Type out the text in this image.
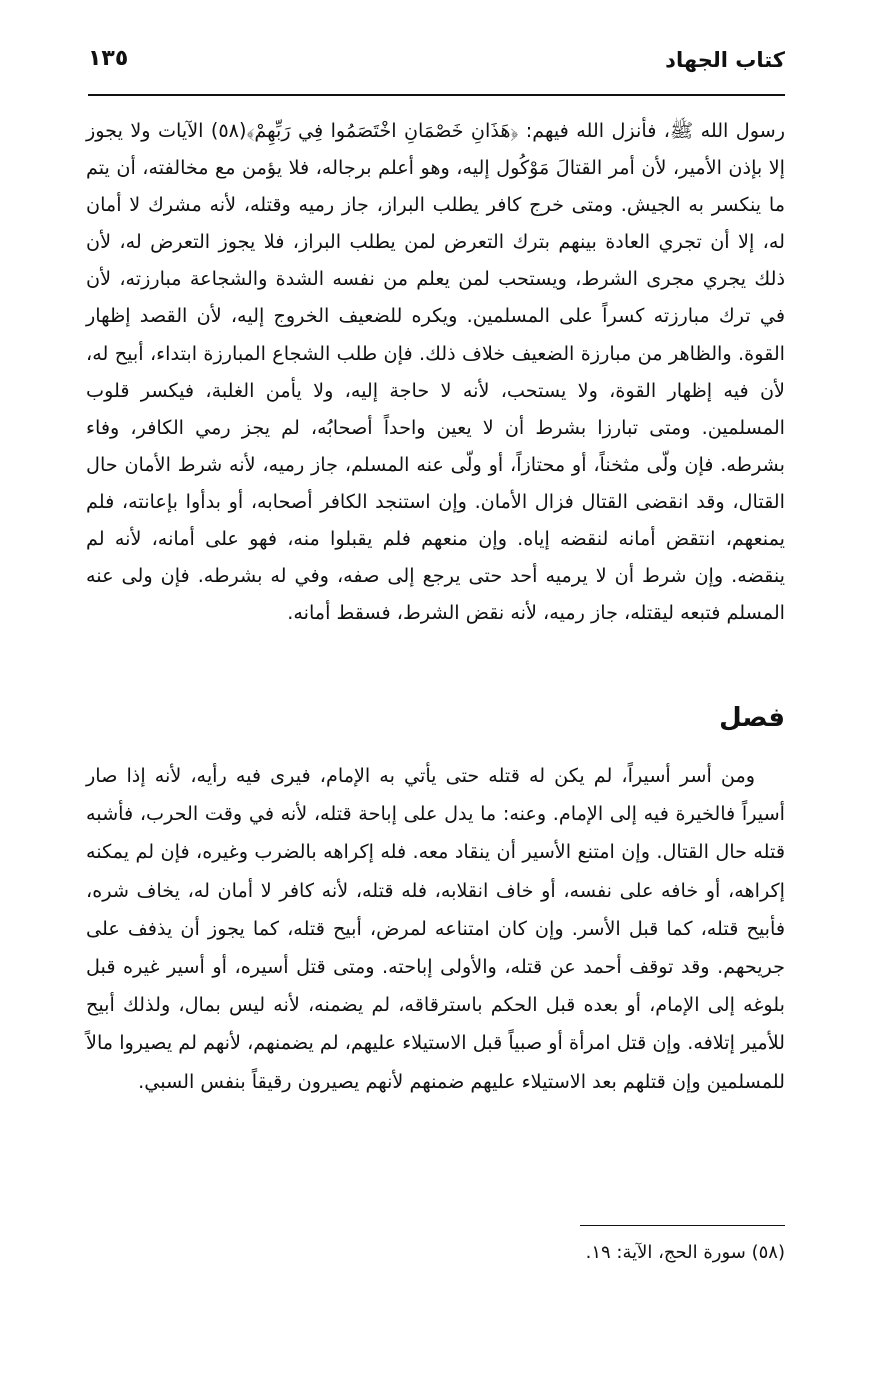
كتاب الجهاد
١٣٥

رسول الله ﷺ، فأنزل الله فيهم: ﴿هَذَانِ خَصْمَانِ اخْتَصَمُوا فِي رَبِّهِمْ﴾(٥٨) الآيات ولا يجوز إلا بإذن الأمير، لأن أمر القتالَ مَوْكُول إليه، وهو أعلم برجاله، فلا يؤمن مع مخالفته، أن يتم ما ينكسر به الجيش. ومتى خرج كافر يطلب البراز، جاز رميه وقتله، لأنه مشرك لا أمان له، إلا أن تجري العادة بينهم بترك التعرض لمن يطلب البراز، فلا يجوز التعرض له، لأن ذلك يجري مجرى الشرط، ويستحب لمن يعلم من نفسه الشدة والشجاعة مبارزته، لأن في ترك مبارزته كسراً على المسلمين. ويكره للضعيف الخروج إليه، لأن القصد إظهار القوة. والظاهر من مبارزة الضعيف خلاف ذلك. فإن طلب الشجاع المبارزة ابتداء، أبيح له، لأن فيه إظهار القوة، ولا يستحب، لأنه لا حاجة إليه، ولا يأمن الغلبة، فيكسر قلوب المسلمين. ومتى تبارزا بشرط أن لا يعين واحداً أصحابُه، لم يجز رمي الكافر، وفاء بشرطه. فإن ولّى مثخناً، أو محتازاً، أو ولّى عنه المسلم، جاز رميه، لأنه شرط الأمان حال القتال، وقد انقضى القتال فزال الأمان. وإن استنجد الكافر أصحابه، أو بدأوا بإعانته، فلم يمنعهم، انتقض أمانه لنقضه إياه. وإن منعهم فلم يقبلوا منه، فهو على أمانه، لأنه لم ينقضه. وإن شرط أن لا يرميه أحد حتى يرجع إلى صفه، وفي له بشرطه. فإن ولى عنه المسلم فتبعه ليقتله، جاز رميه، لأنه نقض الشرط، فسقط أمانه.

فصل

ومن أسر أسيراً، لم يكن له قتله حتى يأتي به الإمام، فيرى فيه رأيه، لأنه إذا صار أسيراً فالخيرة فيه إلى الإمام. وعنه: ما يدل على إباحة قتله، لأنه في وقت الحرب، فأشبه قتله حال القتال. وإن امتنع الأسير أن ينقاد معه. فله إكراهه بالضرب وغيره، فإن لم يمكنه إكراهه، أو خافه على نفسه، أو خاف انقلابه، فله قتله، لأنه كافر لا أمان له، يخاف شره، فأبيح قتله، كما قبل الأسر. وإن كان امتناعه لمرض، أبيح قتله، كما يجوز أن يذفف على جريحهم. وقد توقف أحمد عن قتله، والأولى إباحته. ومتى قتل أسيره، أو أسير غيره قبل بلوغه إلى الإمام، أو بعده قبل الحكم باسترقاقه، لم يضمنه، لأنه ليس بمال، ولذلك أبيح للأمير إتلافه. وإن قتل امرأة أو صبياً قبل الاستيلاء عليهم، لم يضمنهم، لأنهم لم يصيروا مالاً للمسلمين وإن قتلهم بعد الاستيلاء عليهم ضمنهم لأنهم يصيرون رقيقاً بنفس السبي.

(٥٨) سورة الحج، الآية: ١٩.
